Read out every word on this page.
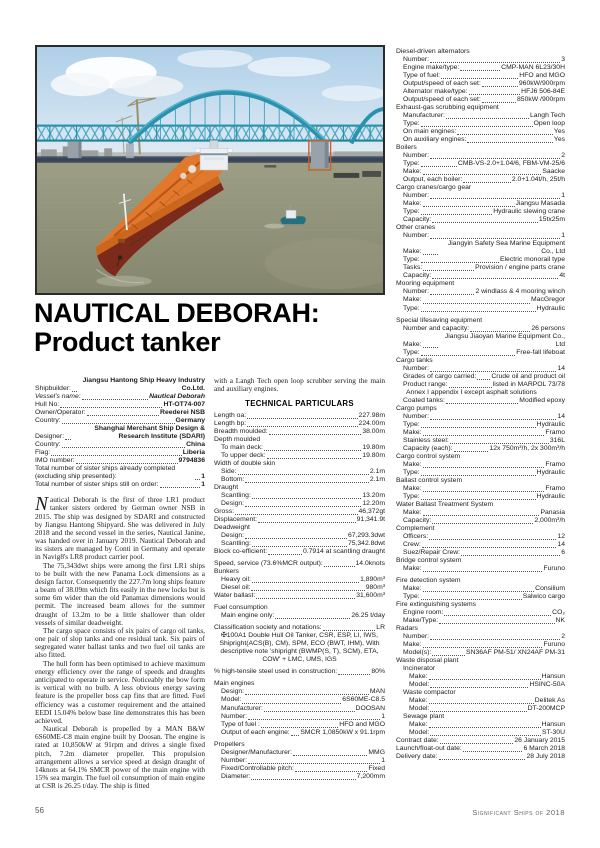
NAUTICAL DEBORAH:
Product tanker
Shipbuilder:
Jiangsu Hantong Ship Heavy Industry Co.Ltd.
Vessel's name:	Nautical Deborah
Hull No:	HT-OT74-007
Owner/Operator:	Reederei NSB
Country:	Germany
Designer:
Shanghai Merchant Ship Design & Research Institute (SDARI)
Country:	China
Flag:	Liberia
IMO number:	9794836
Total number of sister ships already completed (excluding ship presented):	1
Total number of sister ships still on order:	1

Nautical Deborah is the first of three LR1 product tanker sisters ordered by German owner NSB in 2015. The ship was designed by SDARI and constructed by Jiangsu Hantong Shipyard. She was delivered in July 2018 and the second vessel in the series, Nautical Janine, was handed over in January 2019. Nautical Deborah and its sisters are managed by Conti in Germany and operate in Navig8's LR8 product carrier pool.

The 75,343dwt ships were among the first LR1 ships to be built with the new Panama Lock dimensions as a design factor. Consequently the 227.7m long ships feature a beam of 38.09m which fits easily in the new locks but is some 6m wider than the old Panamax dimensions would permit. The increased beam allows for the summer draught of 13.2m to be a little shallower than older vessels of similar deadweight.

The cargo space consists of six pairs of cargo oil tanks, one pair of slop tanks and one residual tank. Six pairs of segregated water ballast tanks and two fuel oil tanks are also fitted.

The hull form has been optimised to achieve maximum energy efficiency over the range of speeds and draughts anticipated to operate in service. Noticeably the bow form is vertical with no bulb. A less obvious energy saving feature is the propeller boss cap fins that are fitted. Fuel efficiency was a customer requirement and the attained EEDI 15.04% below base line demonstrates this has been achieved.

Nautical Deborah is propelled by a MAN B&W 6S60ME-C8 main engine built by Doosan. The engine is rated at 10,850kW at 91rpm and drives a single fixed pitch, 7.2m diameter propeller. This propulsion arrangement allows a service speed at design draught of 14knots at 64.1% SMCR power of the main engine with 15% sea margin. The fuel oil consumption of main engine at CSR is 26.25 t/day. The ship is fitted

with a Langh Tech open loop scrubber serving the main and auxiliary engines.

TECHNICAL PARTICULARS
Length oa:	227.98m
Length bp:	224.00m
Breadth moulded:	38.00m
Depth moulded
To main deck:	19.80m
To upper deck:	19.80m
Width of double skin
Side:	2.1m
Bottom:	2.1m
Draught
Scantling:	13.20m
Design:	12.20m
Gross:	46,372gt
Displacement:	91,341.9t
Deadweight
Design:	67,293.3dwt
Scantling:	75,342.8dwt
Block co-efficient:	0.7914 at scantling draught
Speed, service (73.6%MCR output):	14.0knots
Bunkers
Heavy oil:	1,890m³
Diesel oil:	980m³
Water ballast:	31,600m³
Fuel consumption
Main engine only:	26.25 t/day
Classification society and notations:	LR
✠100A1 Double Hull Oil Tanker, CSR, ESP, LI, IWS, Shipright(ACS(B), CM), SPM, ECO (BWT, IHM), With descriptive note 'shipright (BWMP(S, T), SCM), ETA, COW' + LMC, UMS, IGS
% high-tensile steel used in construction:	80%
Main engines
Design:	MAN
Model:	6S60ME-C8.5
Manufacturer:	DOOSAN
Number:	1
Type of fuel :	HFO and MGO
Output of each engine: SMCR 1,0850kW x 91.1rpm
Propellers
Designer/Manufacturer:	MMG
Number:	1
Fixed/Controllable pitch:	Fixed
Diameter:	7,200mm
Diesel-driven alternators
Number:	3
Engine make/type:	CMP-MAN 6L23/30H
Type of fuel:	HFO and MGO
Output/speed of each set:	960kW/900rpm
Alternator make/type:	HFJ6 506-84E
Output/speed of each set:	850kW /900rpm
Exhaust-gas scrubbing equipment
Manufacturer:	Langh Tech
Type:	Open loop
On main engines:	Yes
On auxiliary engines:	Yes
Boilers
Number:	2
Type:	CMB-VS-2.0+1.04/6, FBM-VM-25/6
Make:	Saacke
Output, each boiler:	2.0+1.04t/h, 25t/h
Cargo cranes/cargo gear
Number:	1
Make:	Jiangsu Masada
Type:	Hydraulic slewing crane
Capacity:	15tx25m
Other cranes
Number:	1
Make:
Jiangyin Safety Sea Marine Equipment Co., Ltd
Type:	Electric monorail type
Tasks:	Provision / engine parts crane
Capacity:	4t
Mooring equipment
Number:	2 windlass & 4 mooring winch
Make:	MacGregor
Type:	Hydraulic
Special lifesaving equipment
Number and capacity:	26 persons
Make:
Jiangsu Jiaoyan Marine Equipment Co., Ltd
Type:	Free-fall lifeboat
Cargo tanks
Number:	14
Grades of cargo carried: Crude oil and product oil
Product range:	listed in MARPOL 73/78
Annex I appendix I except asphalt solutions
Coated tanks:	Modified epoxy
Cargo pumps
Number:	14
Type:	Hydraulic
Make:	Framo
Stainless steel:	316L
Capacity (each):	12x 750m³/h, 2x 300m³/h
Cargo control system
Make:	Framo
Type:	Hydraulic
Ballast control system
Make:	Framo
Type:	Hydraulic
Water Ballast Treatment System
Make:	Panasia
Capacity:	2,000m³/h
Complement
Officers:	12
Crew:	14
Suez/Repair Crew:	6
Bridge control system
Make:	Furuno
Fire detection system
Make:	Consilium
Type:	Salwico cargo
Fire extinguishing systems
Engine room:	CO₂
Make/Type:	NK
Radars
Number:	2
Make:	Furuno
Model(s):	SN36AF PM-51/ XN24AF PM-31
Waste disposal plant
Incinerator
Make:	Hansun
Model:	HSINC-50A
Waste compactor
Make:	Delitek As
Model:	DT-200MCP
Sewage plant
Make:	Hansun
Model:	ST-30U
Contract date:	26 January 2015
Launch/float-out date:	6 March 2018
Delivery date:	28 July 2018
56	Significant Ships of 2018
